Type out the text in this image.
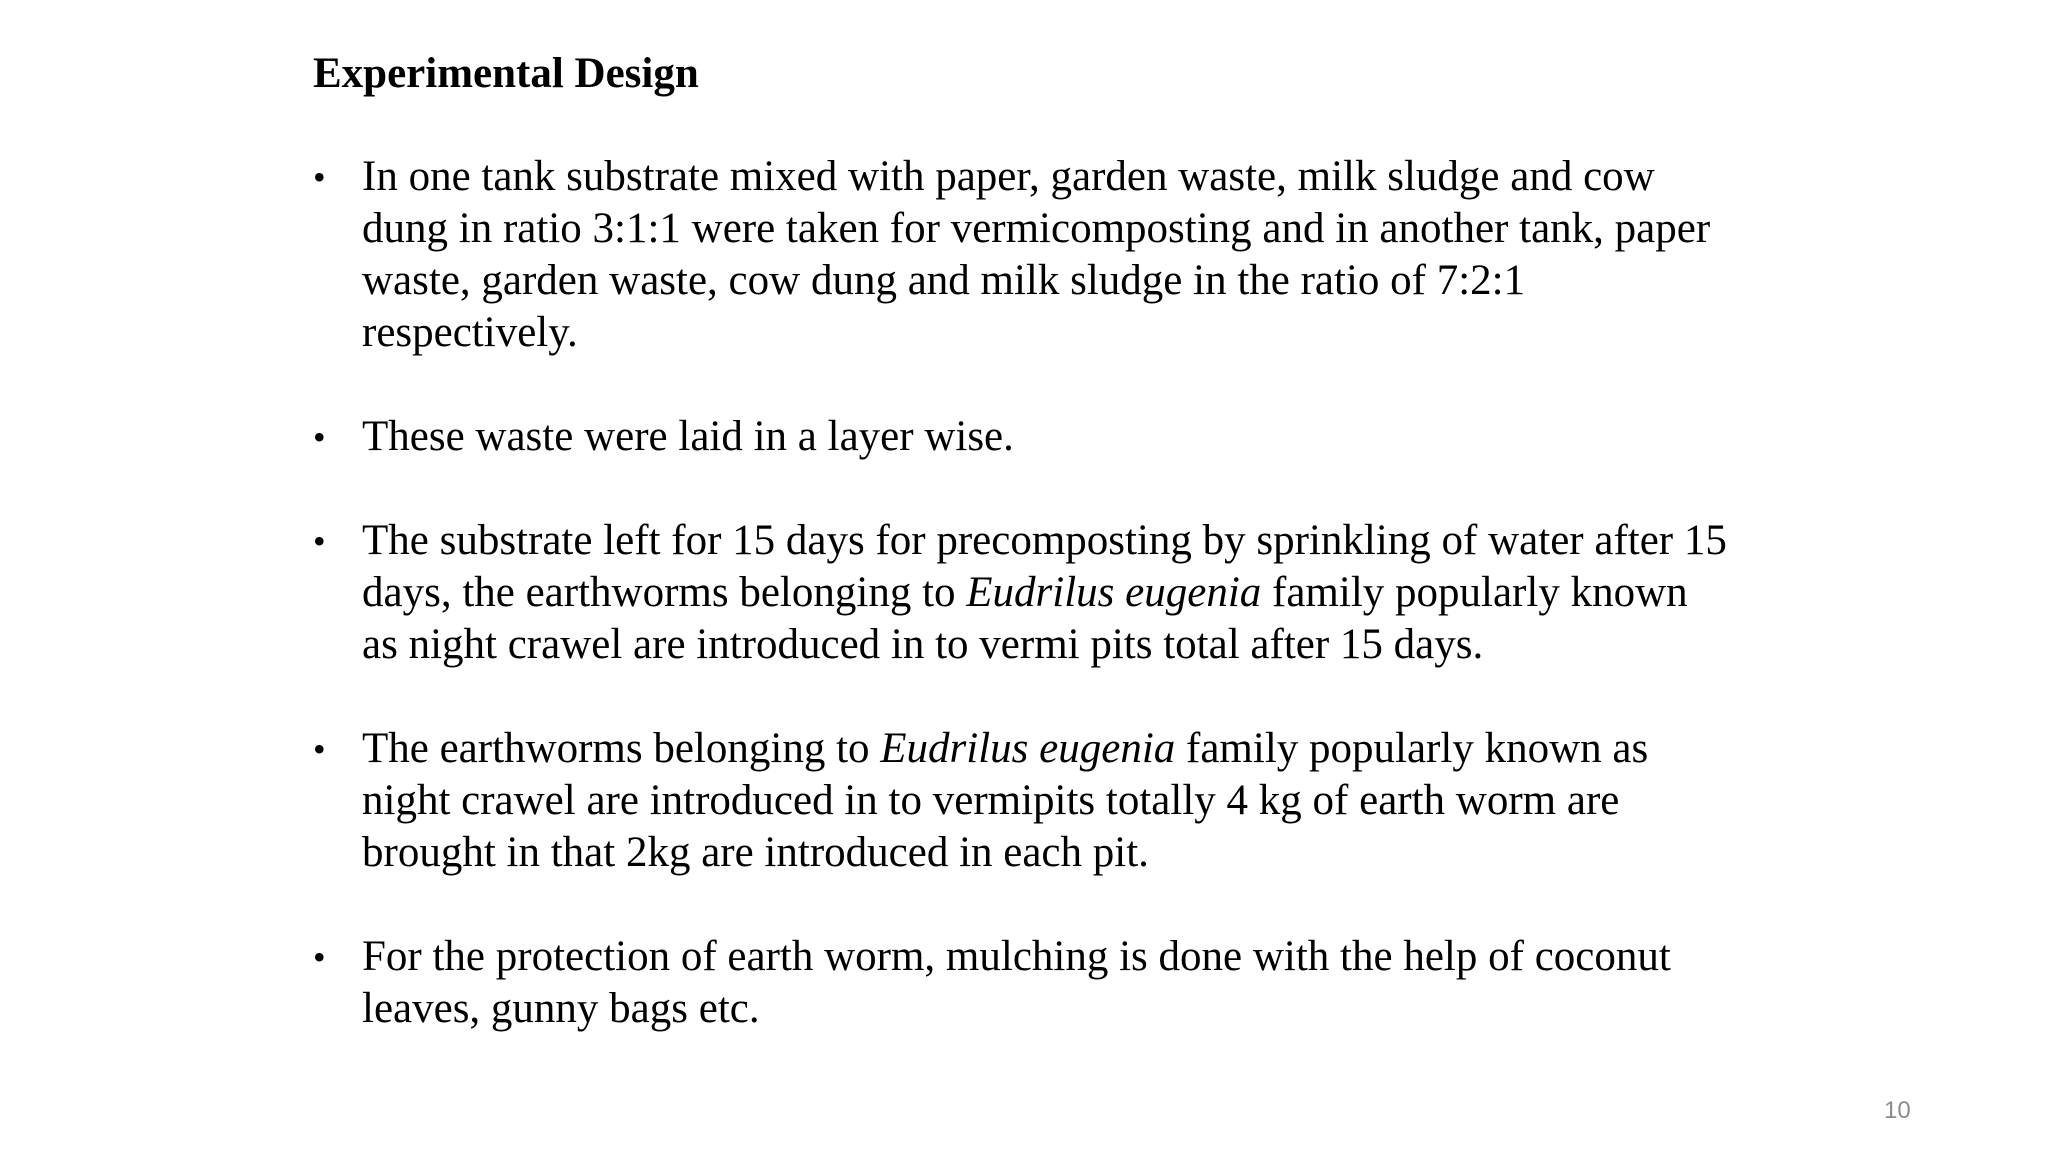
Experimental Design
• In one tank substrate mixed with paper, garden waste, milk sludge and cow
dung in ratio 3:1:1 were taken for vermicomposting and in another tank, paper
waste, garden waste, cow dung and milk sludge in the ratio of 7:2:1
respectively.
• These waste were laid in a layer wise.
• The substrate left for 15 days for precomposting by sprinkling of water after 15
days, the earthworms belonging to Eudrilus eugenia family popularly known
as night crawel are introduced in to vermi pits total after 15 days.
• The earthworms belonging to Eudrilus eugenia family popularly known as
night crawel are introduced in to vermipits totally 4 kg of earth worm are
brought in that 2kg are introduced in each pit.
• For the protection of earth worm, mulching is done with the help of coconut
leaves, gunny bags etc.
10
